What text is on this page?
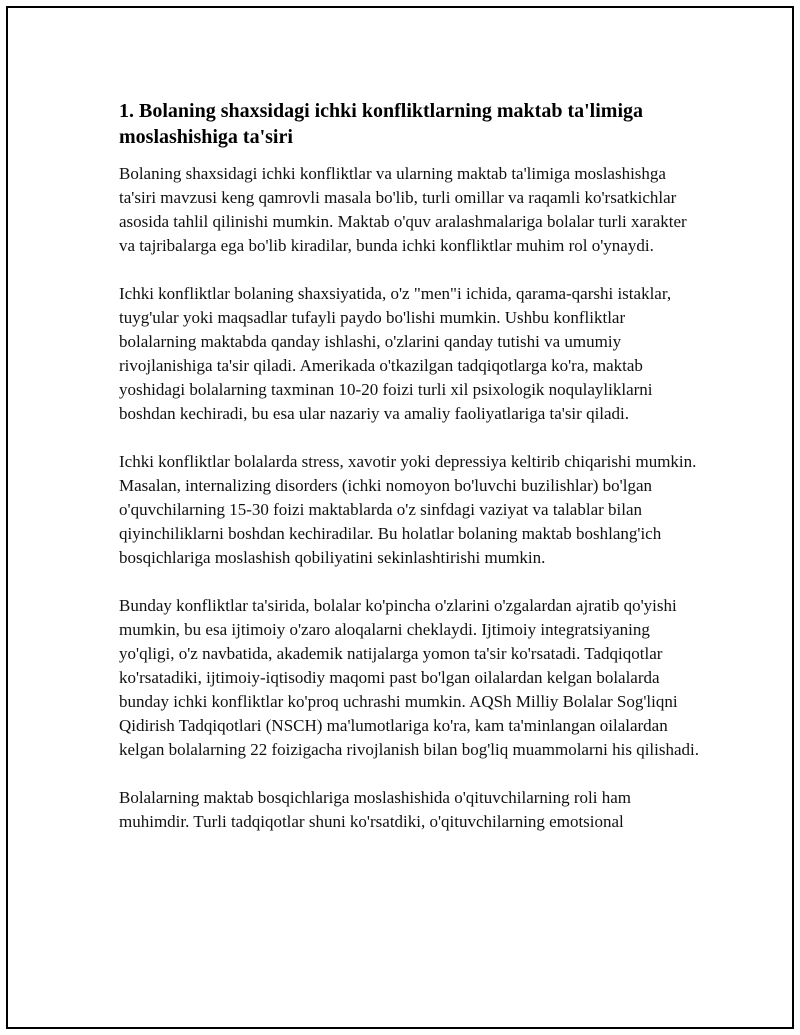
1. Bolaning shaxsidagi ichki konfliktlarning maktab ta'limiga moslashishiga ta'siri

Bolaning shaxsidagi ichki konfliktlar va ularning maktab ta'limiga moslashishga ta'siri mavzusi keng qamrovli masala bo'lib, turli omillar va raqamli ko'rsatkichlar asosida tahlil qilinishi mumkin. Maktab o'quv aralashmalariga bolalar turli xarakter va tajribalarga ega bo'lib kiradilar, bunda ichki konfliktlar muhim rol o'ynaydi.

Ichki konfliktlar bolaning shaxsiyatida, o'z "men"i ichida, qarama-qarshi istaklar, tuyg'ular yoki maqsadlar tufayli paydo bo'lishi mumkin. Ushbu konfliktlar bolalarning maktabda qanday ishlashi, o'zlarini qanday tutishi va umumiy rivojlanishiga ta'sir qiladi. Amerikada o'tkazilgan tadqiqotlarga ko'ra, maktab yoshidagi bolalarning taxminan 10-20 foizi turli xil psixologik noqulayliklarni boshdan kechiradi, bu esa ular nazariy va amaliy faoliyatlariga ta'sir qiladi.

Ichki konfliktlar bolalarda stress, xavotir yoki depressiya keltirib chiqarishi mumkin. Masalan, internalizing disorders (ichki nomoyon bo'luvchi buzilishlar) bo'lgan o'quvchilarning 15-30 foizi maktablarda o'z sinfdagi vaziyat va talablar bilan qiyinchiliklarni boshdan kechiradilar. Bu holatlar bolaning maktab boshlang'ich bosqichlariga moslashish qobiliyatini sekinlashtirishi mumkin.

Bunday konfliktlar ta'sirida, bolalar ko'pincha o'zlarini o'zgalardan ajratib qo'yishi mumkin, bu esa ijtimoiy o'zaro aloqalarni cheklaydi. Ijtimoiy integratsiyaning yo'qligi, o'z navbatida, akademik natijalarga yomon ta'sir ko'rsatadi. Tadqiqotlar ko'rsatadiki, ijtimoiy-iqtisodiy maqomi past bo'lgan oilalardan kelgan bolalarda bunday ichki konfliktlar ko'proq uchrashi mumkin. AQSh Milliy Bolalar Sog'liqni Qidirish Tadqiqotlari (NSCH) ma'lumotlariga ko'ra, kam ta'minlangan oilalardan kelgan bolalarning 22 foizigacha rivojlanish bilan bog'liq muammolarni his qilishadi.

Bolalarning maktab bosqichlariga moslashishida o'qituvchilarning roli ham muhimdir. Turli tadqiqotlar shuni ko'rsatdiki, o'qituvchilarning emotsional
